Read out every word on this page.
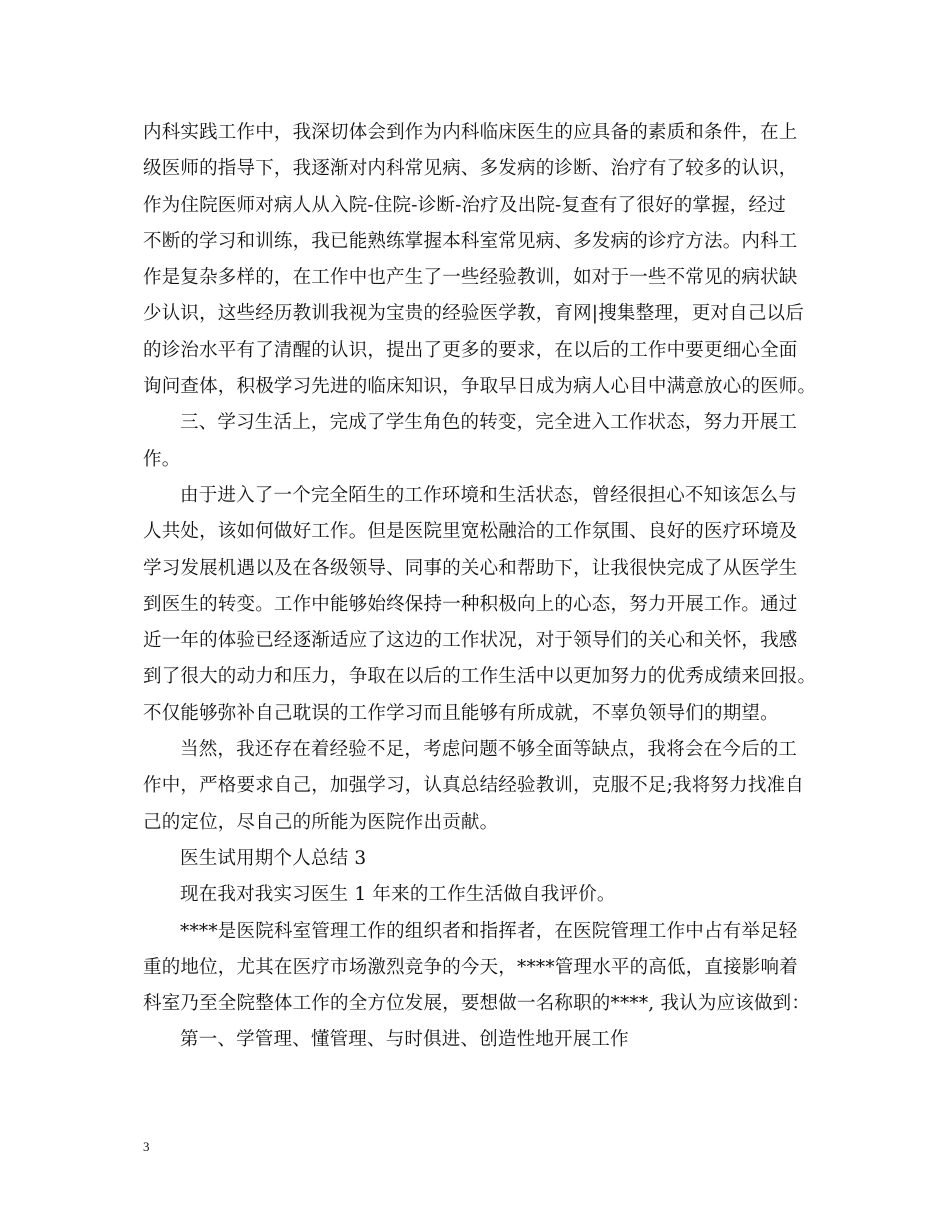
内科实践工作中，我深切体会到作为内科临床医生的应具备的素质和条件，在上
级医师的指导下，我逐渐对内科常见病、多发病的诊断、治疗有了较多的认识，
作为住院医师对病人从入院-住院-诊断-治疗及出院-复查有了很好的掌握，经过
不断的学习和训练，我已能熟练掌握本科室常见病、多发病的诊疗方法。内科工
作是复杂多样的，在工作中也产生了一些经验教训，如对于一些不常见的病状缺
少认识，这些经历教训我视为宝贵的经验医学教，育网|搜集整理，更对自己以后
的诊治水平有了清醒的认识，提出了更多的要求，在以后的工作中要更细心全面
询问查体，积极学习先进的临床知识，争取早日成为病人心目中满意放心的医师。
三、学习生活上，完成了学生角色的转变，完全进入工作状态，努力开展工
作。
由于进入了一个完全陌生的工作环境和生活状态，曾经很担心不知该怎么与
人共处，该如何做好工作。但是医院里宽松融洽的工作氛围、良好的医疗环境及
学习发展机遇以及在各级领导、同事的关心和帮助下，让我很快完成了从医学生
到医生的转变。工作中能够始终保持一种积极向上的心态，努力开展工作。通过
近一年的体验已经逐渐适应了这边的工作状况，对于领导们的关心和关怀，我感
到了很大的动力和压力，争取在以后的工作生活中以更加努力的优秀成绩来回报。
不仅能够弥补自己耽误的工作学习而且能够有所成就，不辜负领导们的期望。
当然，我还存在着经验不足，考虑问题不够全面等缺点，我将会在今后的工
作中，严格要求自己，加强学习，认真总结经验教训，克服不足;我将努力找准自
己的定位，尽自己的所能为医院作出贡献。
医生试用期个人总结 3
现在我对我实习医生 1 年来的工作生活做自我评价。
****是医院科室管理工作的组织者和指挥者，在医院管理工作中占有举足轻
重的地位，尤其在医疗市场激烈竞争的今天，****管理水平的高低，直接影响着
科室乃至全院整体工作的全方位发展，要想做一名称职的****, 我认为应该做到：
第一、学管理、懂管理、与时俱进、创造性地开展工作
3
